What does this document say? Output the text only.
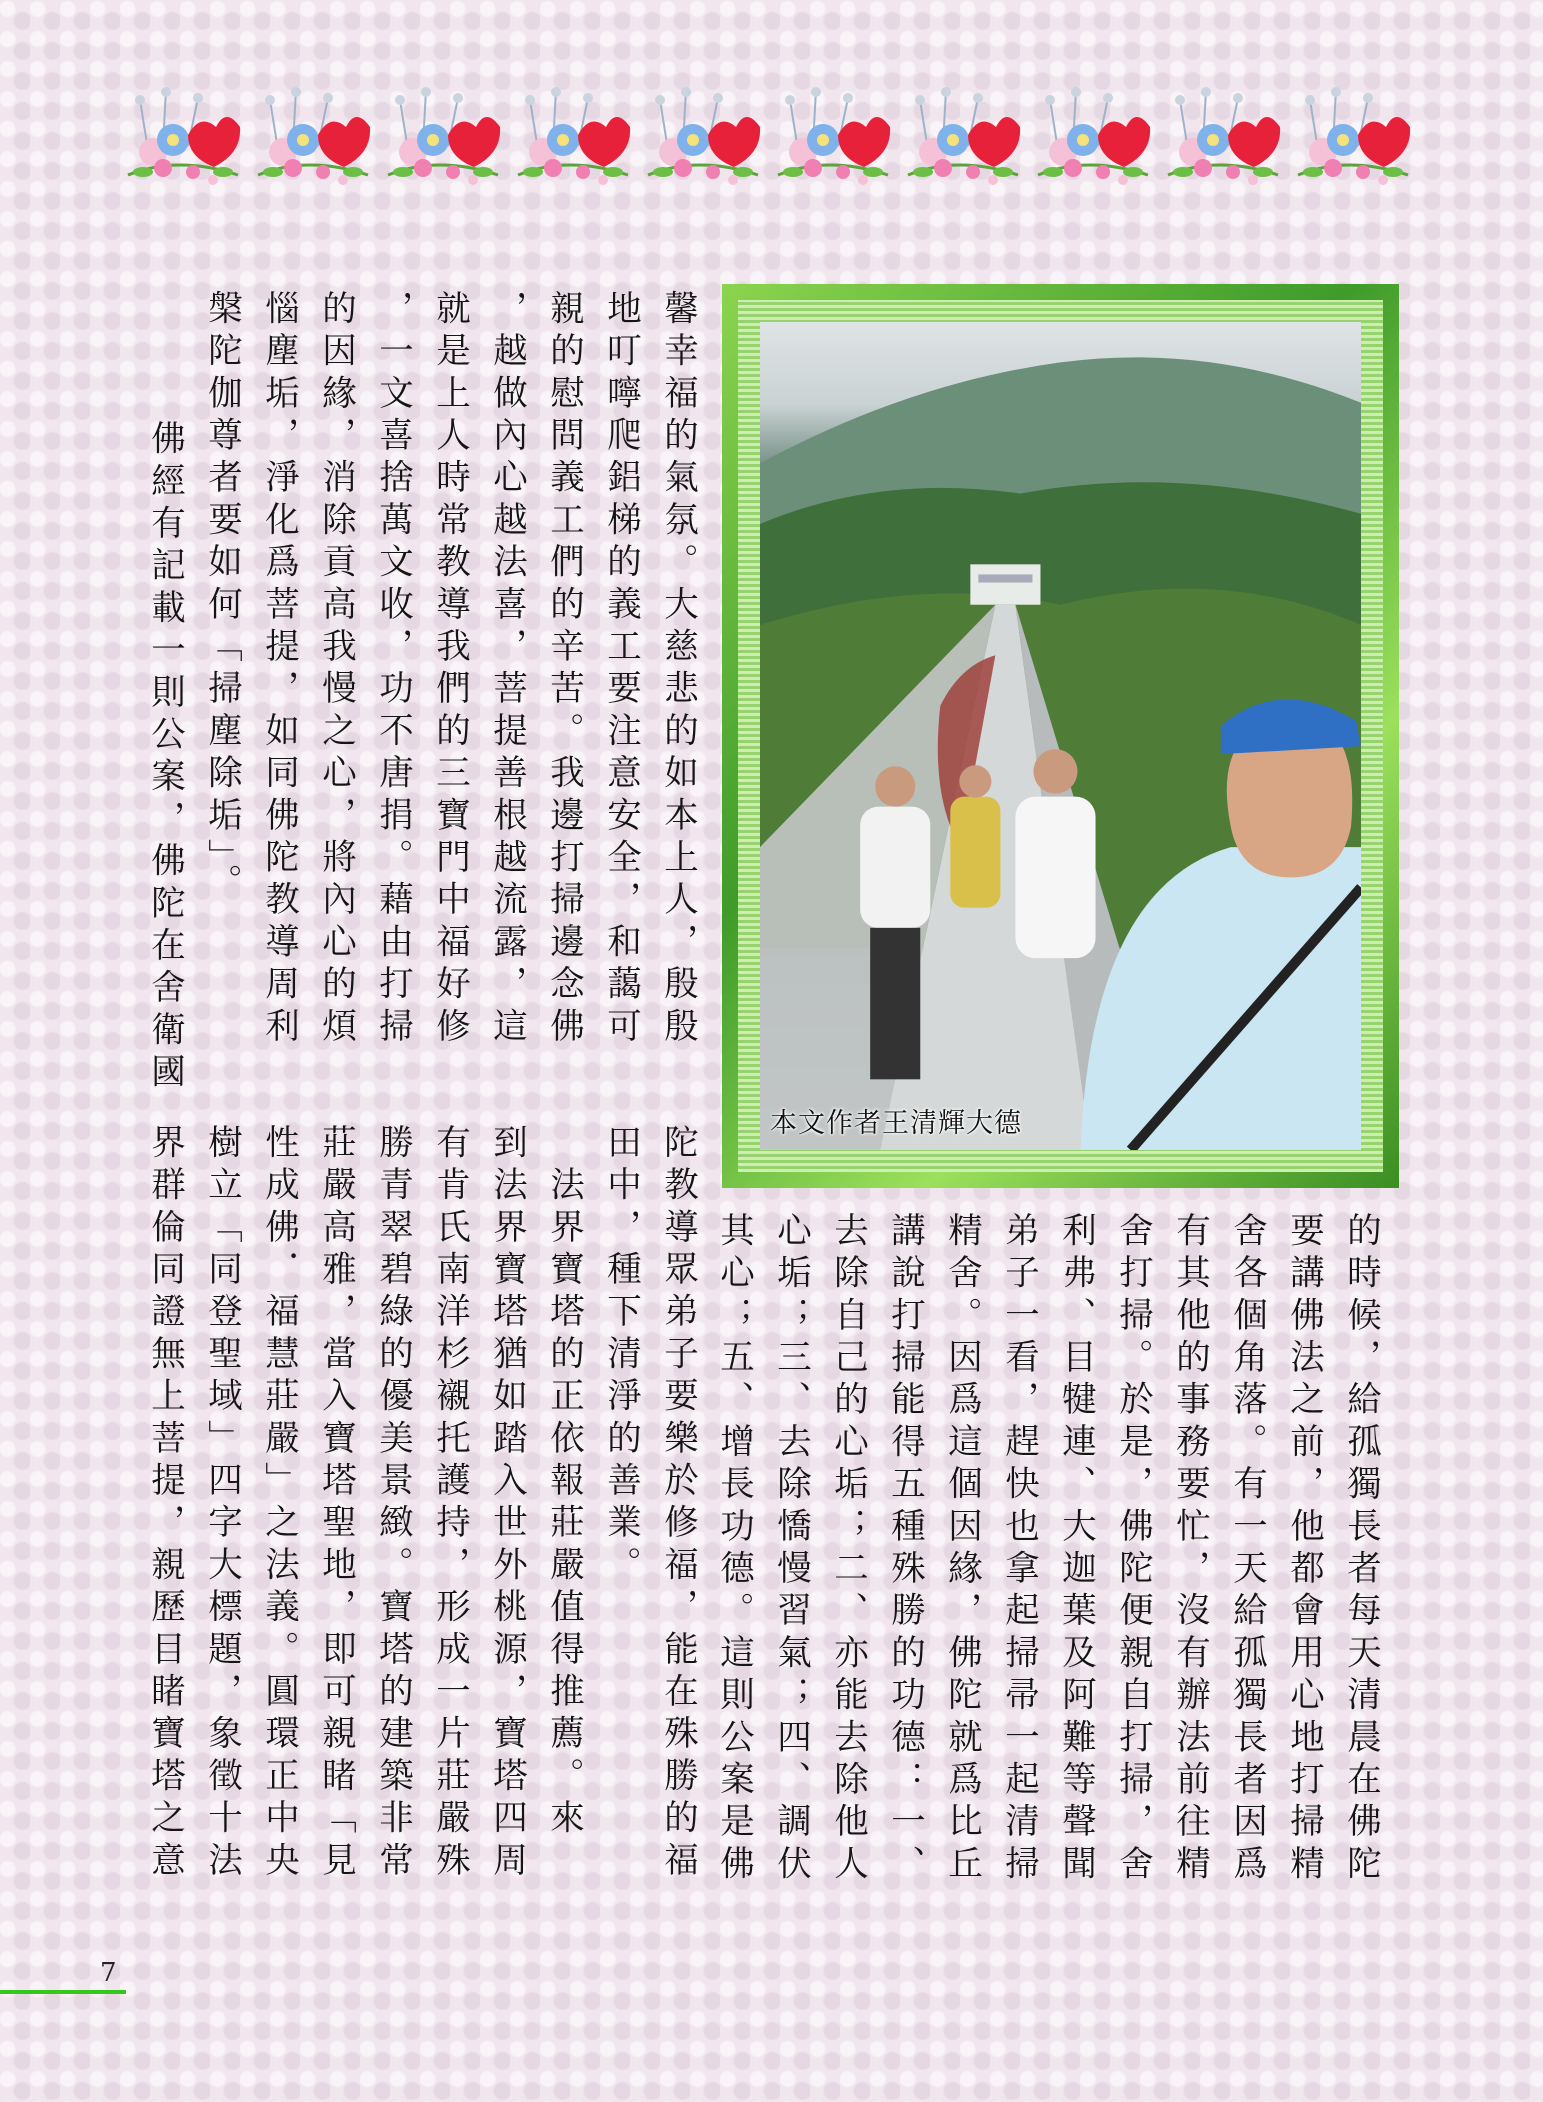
本文作者王清輝大德
馨幸福的氣氛。大慈悲的如本上人，殷殷
地叮嚀爬鋁梯的義工要注意安全，和藹可
親的慰問義工們的辛苦。我邊打掃邊念佛
，越做內心越法喜，菩提善根越流露，這
就是上人時常教導我們的三寶門中福好修
，一文喜捨萬文收，功不唐捐。藉由打掃
的因緣，消除貢高我慢之心，將內心的煩
惱塵垢，淨化爲菩提，如同佛陀教導周利
槃陀伽尊者要如何「掃塵除垢」。
　佛經有記載一則公案，佛陀在舍衛國
的時候，給孤獨長者每天清晨在佛陀
要講佛法之前，他都會用心地打掃精
舍各個角落。有一天給孤獨長者因爲
有其他的事務要忙，沒有辦法前往精
舍打掃。於是，佛陀便親自打掃，舍
利弗、目犍連、大迦葉及阿難等聲聞
弟子一看，趕快也拿起掃帚一起清掃
精舍。因爲這個因緣，佛陀就爲比丘
講說打掃能得五種殊勝的功德：一、
去除自己的心垢；二、亦能去除他人
心垢；三、去除憍慢習氣；四、調伏
其心；五、增長功德。這則公案是佛
陀教導眾弟子要樂於修福，能在殊勝的福
田中，種下清淨的善業。
　法界寶塔的正依報莊嚴值得推薦。來
到法界寶塔猶如踏入世外桃源，寶塔四周
有肯氏南洋杉襯托護持，形成一片莊嚴殊
勝青翠碧綠的優美景緻。寶塔的建築非常
莊嚴高雅，當入寶塔聖地，即可親睹「見
性成佛．福慧莊嚴」之法義。圓環正中央
樹立「同登聖域」四字大標題，象徵十法
界群倫同證無上菩提，親歷目睹寶塔之意
7
